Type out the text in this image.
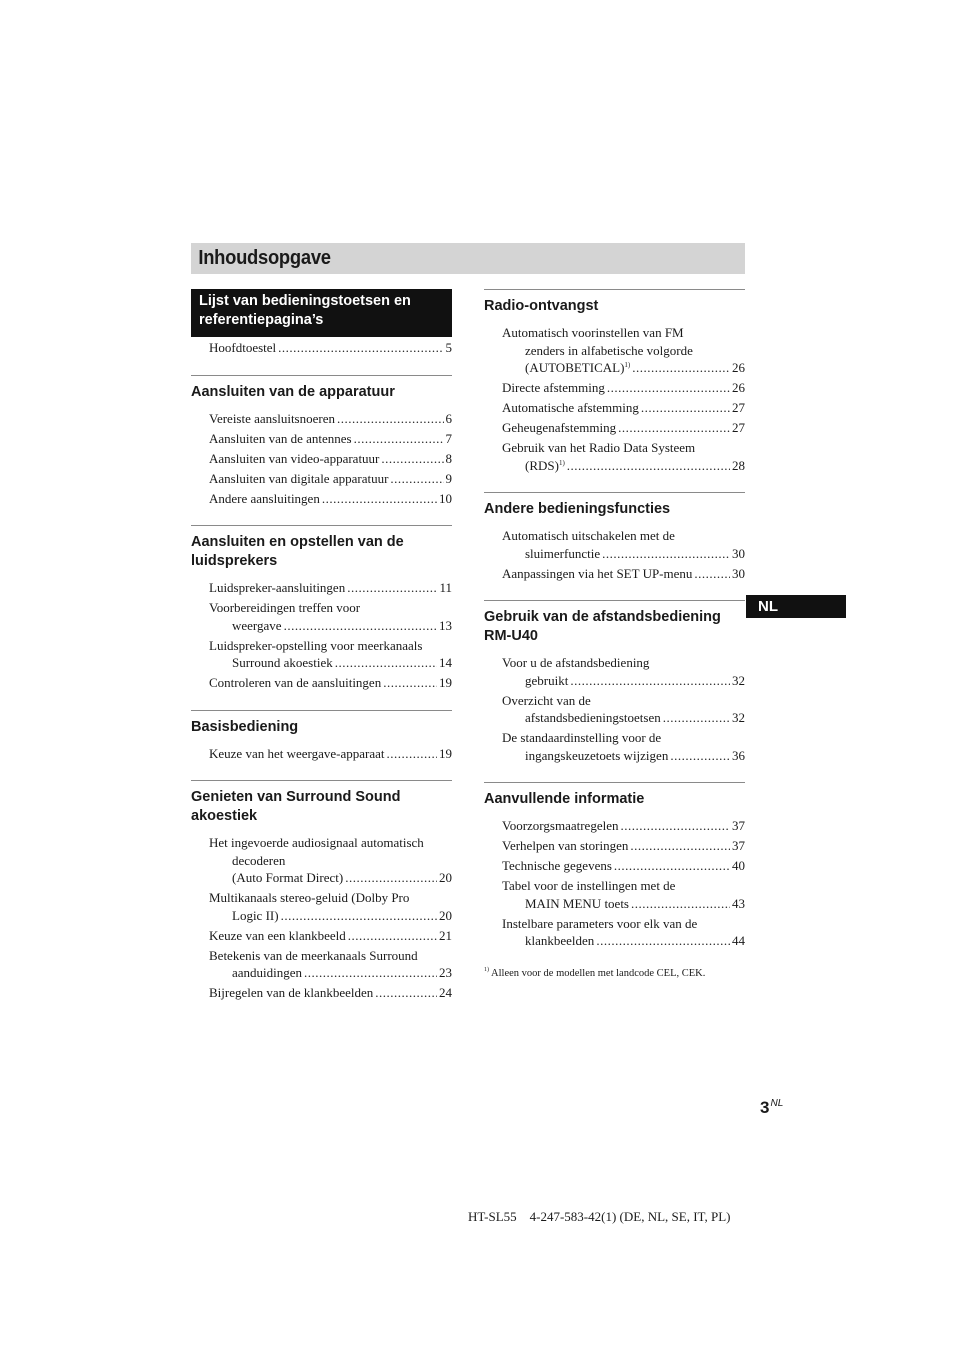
Inhoudsopgave
Lijst van bedieningstoetsen en referentiepagina’s
Hoofdtoestel .....	5
Aansluiten van de apparatuur
Vereiste aansluitsnoeren .....	6
Aansluiten van de antennes .....	7
Aansluiten van video-apparatuur .....	8
Aansluiten van digitale apparatuur .....	9
Andere aansluitingen .....	10
Aansluiten en opstellen van de luidsprekers
Luidspreker-aansluitingen .....	11
Voorbereidingen treffen voor
weergave .....	13
Luidspreker-opstelling voor meerkanaals
Surround akoestiek .....	14
Controleren van de aansluitingen .....	19
Basisbediening
Keuze van het weergave-apparaat .....	19
Genieten van Surround Sound akoestiek
Het ingevoerde audiosignaal automatisch
decoderen
(Auto Format Direct) .....	20
Multikanaals stereo-geluid (Dolby Pro
Logic II) .....	20
Keuze van een klankbeeld .....	21
Betekenis van de meerkanaals Surround
aanduidingen .....	23
Bijregelen van de klankbeelden .....	24
Radio-ontvangst
Automatisch voorinstellen van FM
zenders in alfabetische volgorde
(AUTOBETICAL)$^{1)}$ .....	26
Directe afstemming .....	26
Automatische afstemming .....	27
Geheugenafstemming .....	27
Gebruik van het Radio Data Systeem
(RDS)$^{1)}$ .....	28
Andere bedieningsfuncties
Automatisch uitschakelen met de
sluimerfunctie .....	30
Aanpassingen via het SET UP-menu .....	30
Gebruik van de afstandsbediening RM-U40
Voor u de afstandsbediening
gebruikt .....	32
Overzicht van de
afstandsbedieningstoetsen .....	32
De standaardinstelling voor de
ingangskeuzetoets wijzigen .....	36
Aanvullende informatie
Voorzorgsmaatregelen .....	37
Verhelpen van storingen .....	37
Technische gegevens .....	40
Tabel voor de instellingen met de
MAIN MENU toets .....	43
Instelbare parameters voor elk van de
klankbeelden .....	44
$^{1)}$ Alleen voor de modellen met landcode CEL, CEK.
NL
$3^{NL}$
HT-SL55    4-247-583-42(1) (DE, NL, SE, IT, PL)
